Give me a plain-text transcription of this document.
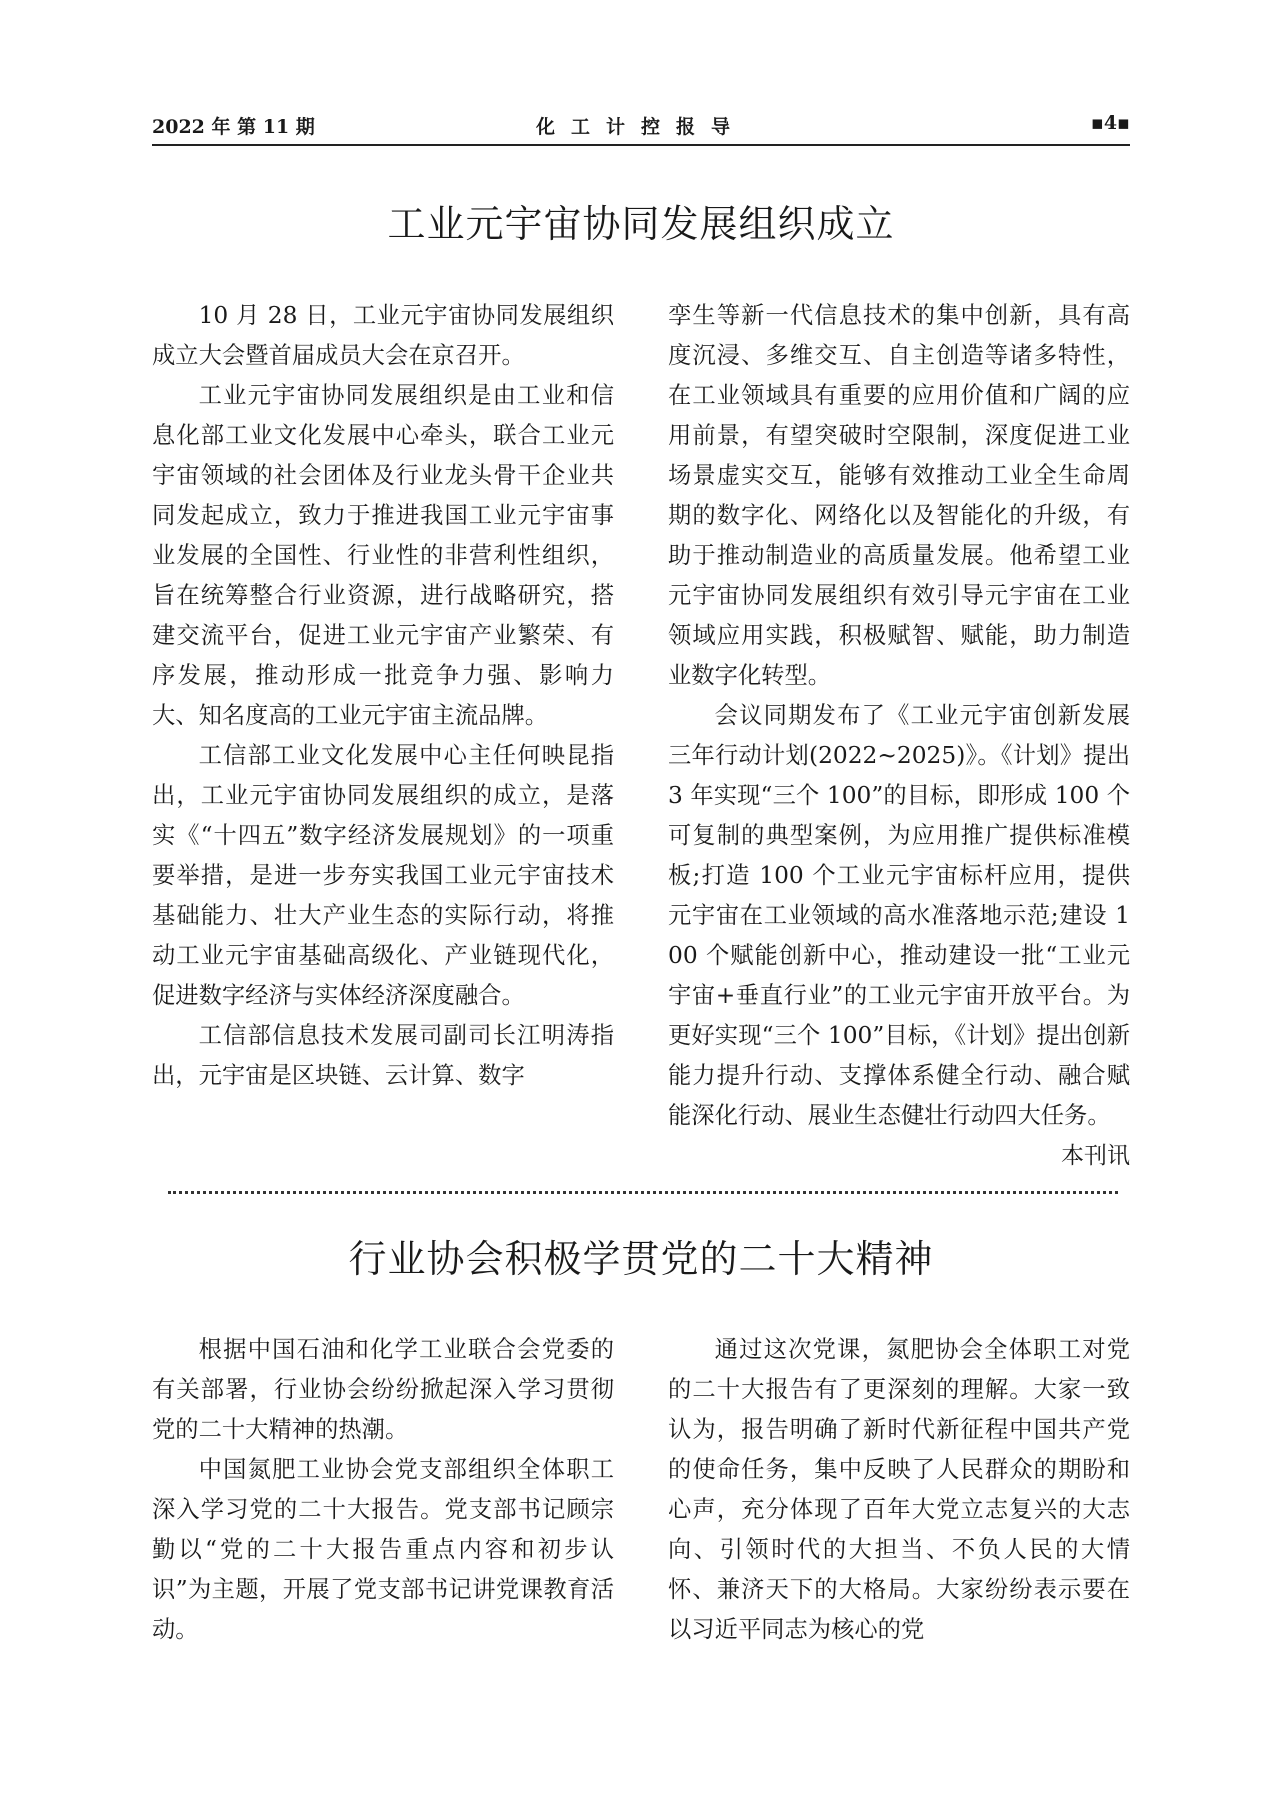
2022 年 第 11 期	化工计控报导	▪4▪
工业元宇宙协同发展组织成立

10 月 28 日，工业元宇宙协同发展组织成立大会暨首届成员大会在京召开。

工业元宇宙协同发展组织是由工业和信息化部工业文化发展中心牵头，联合工业元宇宙领域的社会团体及行业龙头骨干企业共同发起成立，致力于推进我国工业元宇宙事业发展的全国性、行业性的非营利性组织，旨在统筹整合行业资源，进行战略研究，搭建交流平台，促进工业元宇宙产业繁荣、有序发展，推动形成一批竞争力强、影响力大、知名度高的工业元宇宙主流品牌。

工信部工业文化发展中心主任何映昆指出，工业元宇宙协同发展组织的成立，是落实《“十四五”数字经济发展规划》的一项重要举措，是进一步夯实我国工业元宇宙技术基础能力、壮大产业生态的实际行动，将推动工业元宇宙基础高级化、产业链现代化，促进数字经济与实体经济深度融合。

工信部信息技术发展司副司长江明涛指出，元宇宙是区块链、云计算、数字

孪生等新一代信息技术的集中创新，具有高度沉浸、多维交互、自主创造等诸多特性，在工业领域具有重要的应用价值和广阔的应用前景，有望突破时空限制，深度促进工业场景虚实交互，能够有效推动工业全生命周期的数字化、网络化以及智能化的升级，有助于推动制造业的高质量发展。他希望工业元宇宙协同发展组织有效引导元宇宙在工业领域应用实践，积极赋智、赋能，助力制造业数字化转型。

会议同期发布了《工业元宇宙创新发展三年行动计划(2022~2025)》。《计划》提出 3 年实现“三个 100”的目标，即形成 100 个可复制的典型案例，为应用推广提供标准模板;打造 100 个工业元宇宙标杆应用，提供元宇宙在工业领域的高水准落地示范;建设 100 个赋能创新中心，推动建设一批“工业元宇宙+垂直行业”的工业元宇宙开放平台。为更好实现“三个 100”目标，《计划》提出创新能力提升行动、支撑体系健全行动、融合赋能深化行动、展业生态健壮行动四大任务。

本刊讯
行业协会积极学贯党的二十大精神

根据中国石油和化学工业联合会党委的有关部署，行业协会纷纷掀起深入学习贯彻党的二十大精神的热潮。

中国氮肥工业协会党支部组织全体职工深入学习党的二十大报告。党支部书记顾宗勤以“党的二十大报告重点内容和初步认识”为主题，开展了党支部书记讲党课教育活动。

通过这次党课，氮肥协会全体职工对党的二十大报告有了更深刻的理解。大家一致认为，报告明确了新时代新征程中国共产党的使命任务，集中反映了人民群众的期盼和心声，充分体现了百年大党立志复兴的大志向、引领时代的大担当、不负人民的大情怀、兼济天下的大格局。大家纷纷表示要在以习近平同志为核心的党
